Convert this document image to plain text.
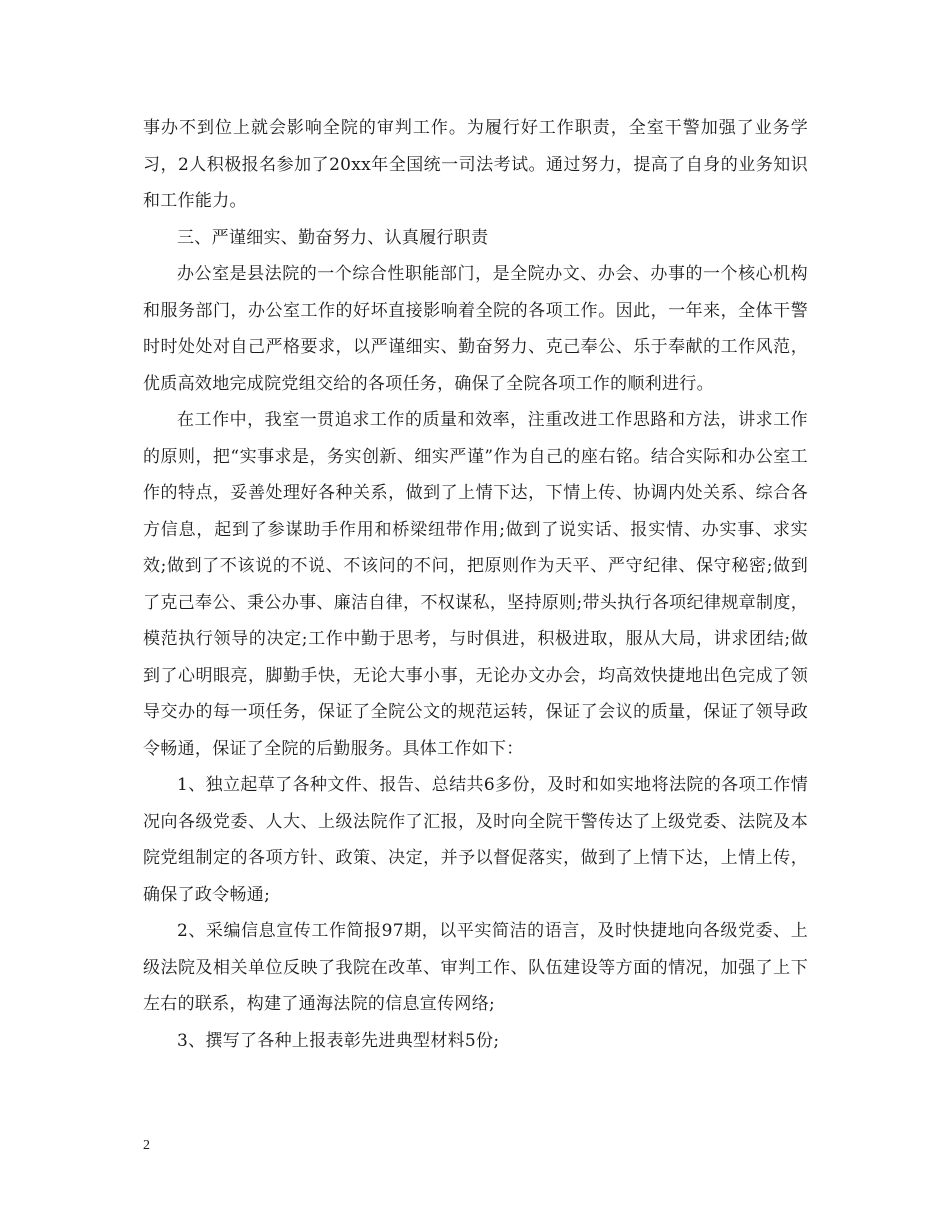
事办不到位上就会影响全院的审判工作。为履行好工作职责，全室干警加强了业务学习，2人积极报名参加了20xx年全国统一司法考试。通过努力，提高了自身的业务知识和工作能力。

三、严谨细实、勤奋努力、认真履行职责

办公室是县法院的一个综合性职能部门，是全院办文、办会、办事的一个核心机构和服务部门，办公室工作的好坏直接影响着全院的各项工作。因此，一年来，全体干警时时处处对自己严格要求，以严谨细实、勤奋努力、克己奉公、乐于奉献的工作风范，优质高效地完成院党组交给的各项任务，确保了全院各项工作的顺利进行。

在工作中，我室一贯追求工作的质量和效率，注重改进工作思路和方法，讲求工作的原则，把“实事求是，务实创新、细实严谨”作为自己的座右铭。结合实际和办公室工作的特点，妥善处理好各种关系，做到了上情下达，下情上传、协调内处关系、综合各方信息，起到了参谋助手作用和桥梁纽带作用;做到了说实话、报实情、办实事、求实效;做到了不该说的不说、不该问的不问，把原则作为天平、严守纪律、保守秘密;做到了克己奉公、秉公办事、廉洁自律，不权谋私，坚持原则;带头执行各项纪律规章制度，模范执行领导的决定;工作中勤于思考，与时俱进，积极进取，服从大局，讲求团结;做到了心明眼亮，脚勤手快，无论大事小事，无论办文办会，均高效快捷地出色完成了领导交办的每一项任务，保证了全院公文的规范运转，保证了会议的质量，保证了领导政令畅通，保证了全院的后勤服务。具体工作如下：

1、独立起草了各种文件、报告、总结共6多份，及时和如实地将法院的各项工作情况向各级党委、人大、上级法院作了汇报，及时向全院干警传达了上级党委、法院及本院党组制定的各项方针、政策、决定，并予以督促落实，做到了上情下达，上情上传，确保了政令畅通;

2、采编信息宣传工作简报97期，以平实简洁的语言，及时快捷地向各级党委、上级法院及相关单位反映了我院在改革、审判工作、队伍建设等方面的情况，加强了上下左右的联系，构建了通海法院的信息宣传网络;

3、撰写了各种上报表彰先进典型材料5份;

2
